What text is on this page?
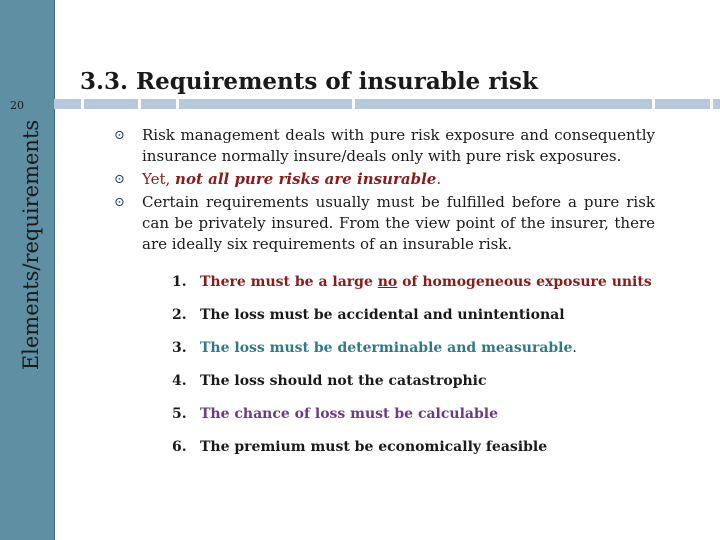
Elements/requirements
20
3.3. Requirements of insurable risk
⊙ Risk management deals with pure risk exposure and consequently insurance normally insure/deals only with pure risk exposures.
⊙ Yet, not all pure risks are insurable.
⊙ Certain requirements usually must be fulfilled before a pure risk can be privately insured. From the view point of the insurer, there are ideally six requirements of an insurable risk.
1. There must be a large no of homogeneous exposure units
2. The loss must be accidental and unintentional
3. The loss must be determinable and measurable.
4. The loss should not the catastrophic
5. The chance of loss must be calculable
6. The premium must be economically feasible
